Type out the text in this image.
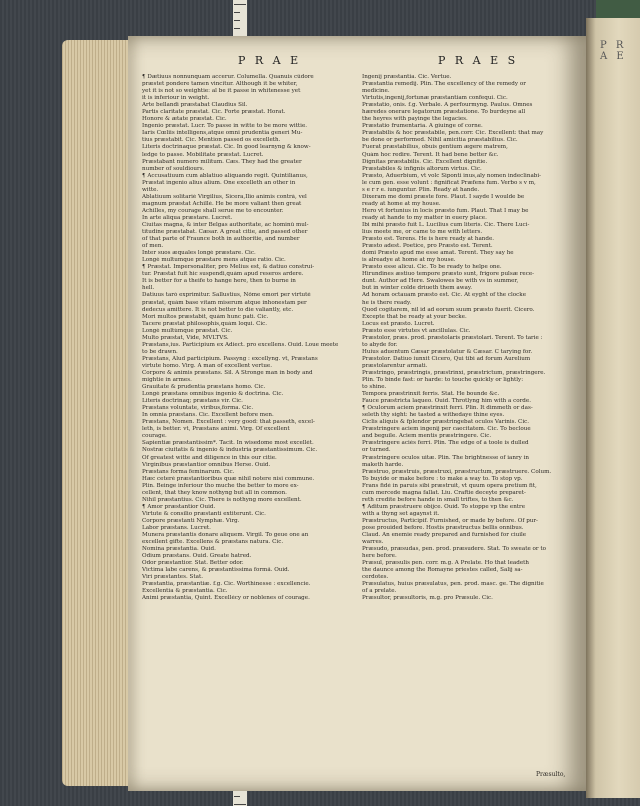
P R A E
P R A E	P R A E S
¶ Dætiuus nonnunquam accerur. Columella. Quanuis cũdore
præstet pondere tamen vincitur. Although it be whiter,
yet it is not so weightie: al be it passe in whitenesse yet
it is inferiour in weight.
Arte bellandi præstabat Claudius Sil.
Partis claritate præstat. Cic. Forte præstat. Horat.
Honore & ætate præstat. Cic.
Ingenio præstat. Lucr. To passe in witte to be more wittie.
Iaris Cœliis intelligens,atque omni prudentia generi Mu-
tius præstabit. Cic. Mention passed os excelleth.
Literis doctrinaque præstat. Cic. In good learnyng & know-
ledge to passe. Mobilitate præstat. Lucret.
Præstabant numero militum. Cæs. They had the greater
number of souldiours.
¶ Accusatiuum cum ablatiuo aliquando regit. Quintilianus,
Præstat ingenio alius alium. One excelleth an other in
witte.
Ablatiuum solitariè Virgilius, Sicera,Ilio animis contrà, vel
magnum præstat Achillé. He be more valiant then great
Achilles, my courage shall serue me to encounter.
In arte aliqua præstare. Lucret.
Ciuitas magna, & inter Belgas authoritate, ac hominũ mul-
titudine præstabat. Cæsar. A great citie, and passed other
of that parte of Fraunce both in authoritie, and number
of men.
Inter suos æquales longè præstare. Cic.
Longè multumque præstare mens atque ratio. Cic.
¶ Præstat. Impersonaliter, pro Melius est, & datiuo construi-
tur. Præstat fuit hic suspendi,quàm apud reseros ardere.
It is better for a theife to hange here, then to burne in
hell.
Datiuus tarò exprimitur. Sallustius, Nõme emori per virtuté
præstat, quàm base vitam miserum atque inhonestam per
dedecus amittere. It is not better to die valiantly, etc.
Mori multos præstabit, quàm hunc pati. Cic.
Tacere præstat philosophis,quàm loqui. Cic.
Longè multùmque præstat. Cic.
Multo præstat, Vide, MVLTVS.
Præstans,ius. Participium ex Adiect. pro excellens. Ouid. Loue meete
to be drawn.
Præstans, Alud participium. Passyng : excellyng. vt, Præstans
virtute homo. Virg. A man of excellent vertue.
Corpore & animis præstans. Sil. A Stronge man in body and
mightie in armes.
Grauitate & prudentia præstans homo. Cic.
Longè præstans omnibus ingenio & doctrina. Cic.
Literis doctrinaq; præstans vir. Cic.
Præstans voluntate, viribus,forma. Cic.
In omnia præstans. Cic. Excellent before men.
Præstans, Nomen. Excellent : very good: that passeth, excel-
leth, is better. vt, Præstans animi. Virg. Of excellent
courage.
Sapientiæ præstantissim*. Tacit. In wisedome most excellét.
Nostræ ciuitatis & ingenio & industria præstantissimum. Cic.
Of greatest witte and diligence in this our citie.
Virginibus præstantior omnibus Herse. Ouid.
Præstans forma feminarum. Cic.
Hæc ceterè præstantioribus quæ nihil notere nisi commune.
Plin. Beinge inferiour tho muche the better to more ex-
cellent, that they know nothyng but all in common.
Nihil præstantius. Cic. There is nothyng more excellent.
¶ Amor præstantior Ouid.
Virtute & consilio præstanti extiterunt. Cic.
Corpore præstanti Nymphæ. Virg.
Labor præstans. Lucret.
Munera præstantis donare aliquem. Virgil. To geue one an
excellent gifte. Excellens & præstans natura. Cic.
Nomina præstantia. Ouid.
Odium præstans. Ouid. Greate hatred.
Odor præstantior. Stat. Better odor.
Victima labe carens, & præstantissima formã. Ouid.
Viri præstantes. Stat.
Præstantia, præstantiæ. f.g. Cic. Worthinesse : excellencie.
Excellentia & præstantia. Cic.
Animi præstantia, Quint. Excellécy or noblenes of courage.
Ingenij præstantia. Cic. Vertue.
Præstantia remedij. Plin. The excellency of the remedy or
medicine.
Virtutis,ingenij,fortunæ præstantiam confequi. Cic.
Præstatio, onis. f.g. Verbale. A perfourmyng. Paulus. Omnes
hæredes onerare legatorum præstatione. To burdeyne all
the heyres with payinge the legacies.
Præstatio frumentaria. A giuinge of corne.
Præstabilis & hoc præstabile, pen.corr. Cic. Excellent: that may
be done or performed. Nihil amicitia præstabilius. Cic.
Fuerat præstabilius, obuis gentium ægere matrem,
Quàm hoc redire. Terent. It had bene better &c.
Dignitas præstabilis. Cic. Excellent dignitie.
Præstabiles & infignis altorum virtus. Cic.
Præsto, Aduerbium, vt volc Siponti inus,aly nomen indeclinabi-
le cum gen. esse volunt : fignificat Præfens fum. Verbo s v m,
s e r r e. iunguntur. Plin. Ready at hande.
Dixeram me domi præste fore. Plaut. I sayde I woulde be
ready at home at my house.
Hero vt fortunius in locis præsto fum. Plaut. That I may be
ready at hande to my matter in euery place.
Ibi mihi præsto fuit L. Lucilius cum literis. Cic. There Luci-
lius meete me, or came to me with letters.
Præsto est. Terens. He is here ready at hande.
Præsto adest. Poetice, pro Præsto est. Terent.
domi Præsto apud me esse amat. Terent. They say he
is alreadye at home at my house.
Præsto esse alicui. Cic. To be ready to helpe one.
Hirundines æstiuo tempore præsto sunt, frigore pulsæ rece-
dunt. Author ad Here. Swalowes be with vs in summer,
but in winter colde driueth them away.
Ad horam octauam præsto est. Cic. At eyght of the clocke
he is there ready.
Quod cogitarem, nil id ad eorum suum præsto fuerit. Cicero.
Excepte that be ready at your becke.
Locus est præsto. Lucret.
Præsto esse virtutes vt ancillulas. Cic.
Præstolor, præs. prod. præstolaris præstolari. Terent. To tarie :
to abyde for.
Huius aduentum Cæsar præstolatur & Cæsar. C tarying for.
Præstolor. Datiuo iunxit Cicero, Qui tibi ad forum Aurelium
præstolarentur armati.
Præstringo, præstringis, præstrinxi, præstrictum, præstringere.
Plin. To binde fast: or harde: to touche quickly or lightly:
to shine.
Tempora præstrinxit ferris. Stat. He bounde &c.
Fauce præstricta laqueo. Ouid. Throtlyng him with a corde.
¶ Oculorum aciem præstrinxit ferri. Plin. It dimmeth or das-
seleth thy sight: he tasted a withedaye thine eyes.
Ciclis aliquis & fplendor præstringebat oculos Varinis. Cic.
Præstringere aciem ingenij per caecitatem. Cic. To becloue
and beguile. Aciem mentis præstringere. Cic.
Præstringere aciés ferri. Plin. The edge of a toole is dulled
or turned.
Præstringere oculos uitæ. Plin. The brightnesse of ianry in
maketh harde.
Præstruo, præstruis, præstruxi, præstructum, præstruere. Colum.
To buyide or make before : to make a way to. To stop vp.
Frans fidé in paruis sibi præstruit, vt quum opera pretium fit,
cum mercede magna fallat. Liu. Craftie deceyte preparet-
reth credite before hande in small triftes, to then &c.
¶ Aditum præstruere obijce. Ouid. To stoppe vp the entre
with a thyng set agaynst it.
Præstructus, Participif. Furnished, or made by before. Of pur-
pose prouided before. Hostis præstructus bellis onnibus.
Claud. An enemie ready prepared and furnished for ciuile
warres.
Præsudo, præsudas, pen. prod. præsudere. Stat. To sweate or to
here before.
Præsul, præsulis pen. corr. m.g. A Prelate. Ho that leadeth
the daunce among the Romayne priestes called, Salij sa-
cerdotes.
Præsulatus, huius præsulatus, pen. prod. masc. ge. The dignitie
of a prelate.
Præsultor, præsultoris, m.g. pro Præsule. Cic.
Præsulto,
